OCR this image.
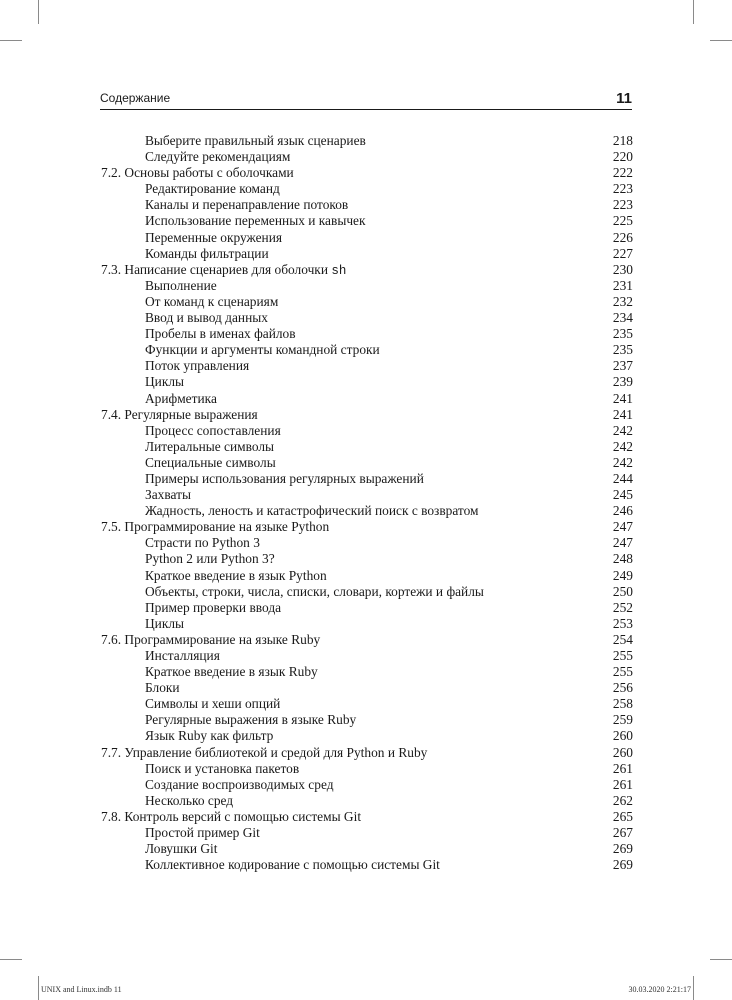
Содержание	11
Выберите правильный язык сценариев	218
Следуйте рекомендациям	220
7.2. Основы работы с оболочками	222
Редактирование команд	223
Каналы и перенаправление потоков	223
Использование переменных и кавычек	225
Переменные окружения	226
Команды фильтрации	227
7.3. Написание сценариев для оболочки sh	230
Выполнение	231
От команд к сценариям	232
Ввод и вывод данных	234
Пробелы в именах файлов	235
Функции и аргументы командной строки	235
Поток управления	237
Циклы	239
Арифметика	241
7.4. Регулярные выражения	241
Процесс сопоставления	242
Литеральные символы	242
Специальные символы	242
Примеры использования регулярных выражений	244
Захваты	245
Жадность, леность и катастрофический поиск с возвратом	246
7.5. Программирование на языке Python	247
Страсти по Python 3	247
Python 2 или Python 3?	248
Краткое введение в язык Python	249
Объекты, строки, числа, списки, словари, кортежи и файлы	250
Пример проверки ввода	252
Циклы	253
7.6. Программирование на языке Ruby	254
Инсталляция	255
Краткое введение в язык Ruby	255
Блоки	256
Символы и хеши опций	258
Регулярные выражения в языке Ruby	259
Язык Ruby как фильтр	260
7.7. Управление библиотекой и средой для Python и Ruby	260
Поиск и установка пакетов	261
Создание воспроизводимых сред	261
Несколько сред	262
7.8. Контроль версий с помощью системы Git	265
Простой пример Git	267
Ловушки Git	269
Коллективное кодирование с помощью системы Git	269
UNIX and Linux.indb 11	30.03.2020 2:21:17
